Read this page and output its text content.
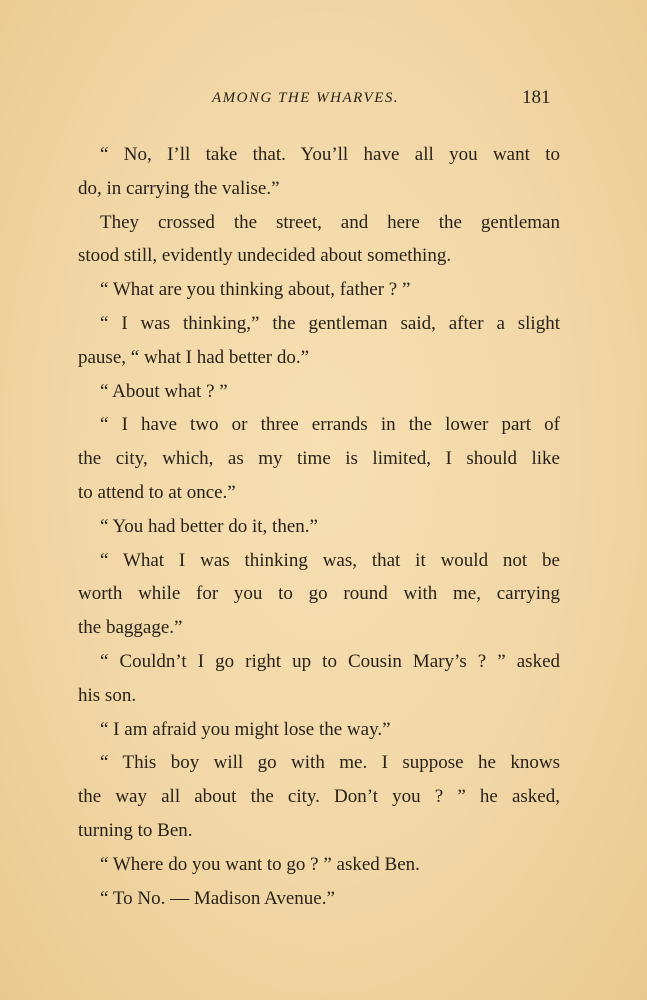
AMONG THE WHARVES.	181
“ No, I’ll take that. You’ll have all you want to
do, in carrying the valise.”
They crossed the street, and here the gentleman
stood still, evidently undecided about something.
“ What are you thinking about, father ? ”
“ I was thinking,” the gentleman said, after a slight
pause, “ what I had better do.”
“ About what ? ”
“ I have two or three errands in the lower part of
the city, which, as my time is limited, I should like
to attend to at once.”
“ You had better do it, then.”
“ What I was thinking was, that it would not be
worth while for you to go round with me, carrying
the baggage.”
“ Couldn’t I go right up to Cousin Mary’s ? ” asked
his son.
“ I am afraid you might lose the way.”
“ This boy will go with me. I suppose he knows
the way all about the city. Don’t you ? ” he asked,
turning to Ben.
“ Where do you want to go ? ” asked Ben.
“ To No. — Madison Avenue.”
